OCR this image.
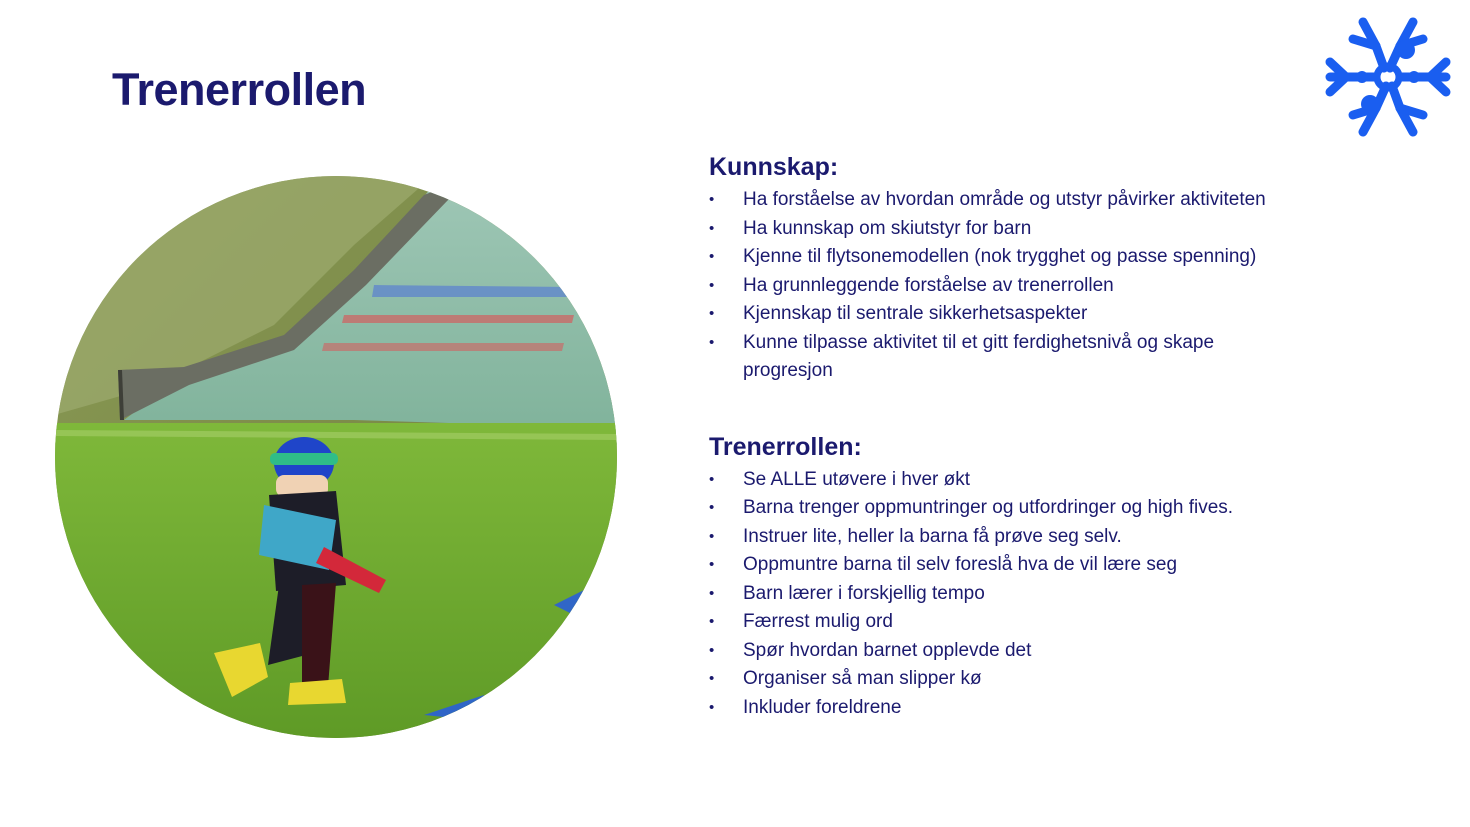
Trenerrollen
Kunnskap:
• Ha forståelse av hvordan område og utstyr påvirker aktiviteten
• Ha kunnskap om skiutstyr for barn
• Kjenne til flytsonemodellen (nok trygghet og passe spenning)
• Ha grunnleggende forståelse av trenerrollen
• Kjennskap til sentrale sikkerhetsaspekter
• Kunne tilpasse aktivitet til et gitt ferdighetsnivå og skape progresjon
Trenerrollen:
• Se ALLE utøvere i hver økt
• Barna trenger oppmuntringer og utfordringer og high fives.
• Instruer lite, heller la barna få prøve seg selv.
• Oppmuntre barna til selv foreslå hva de vil lære seg
• Barn lærer i forskjellig tempo
• Færrest mulig ord
• Spør hvordan barnet opplevde det
• Organiser så man slipper kø
• Inkluder foreldrene
